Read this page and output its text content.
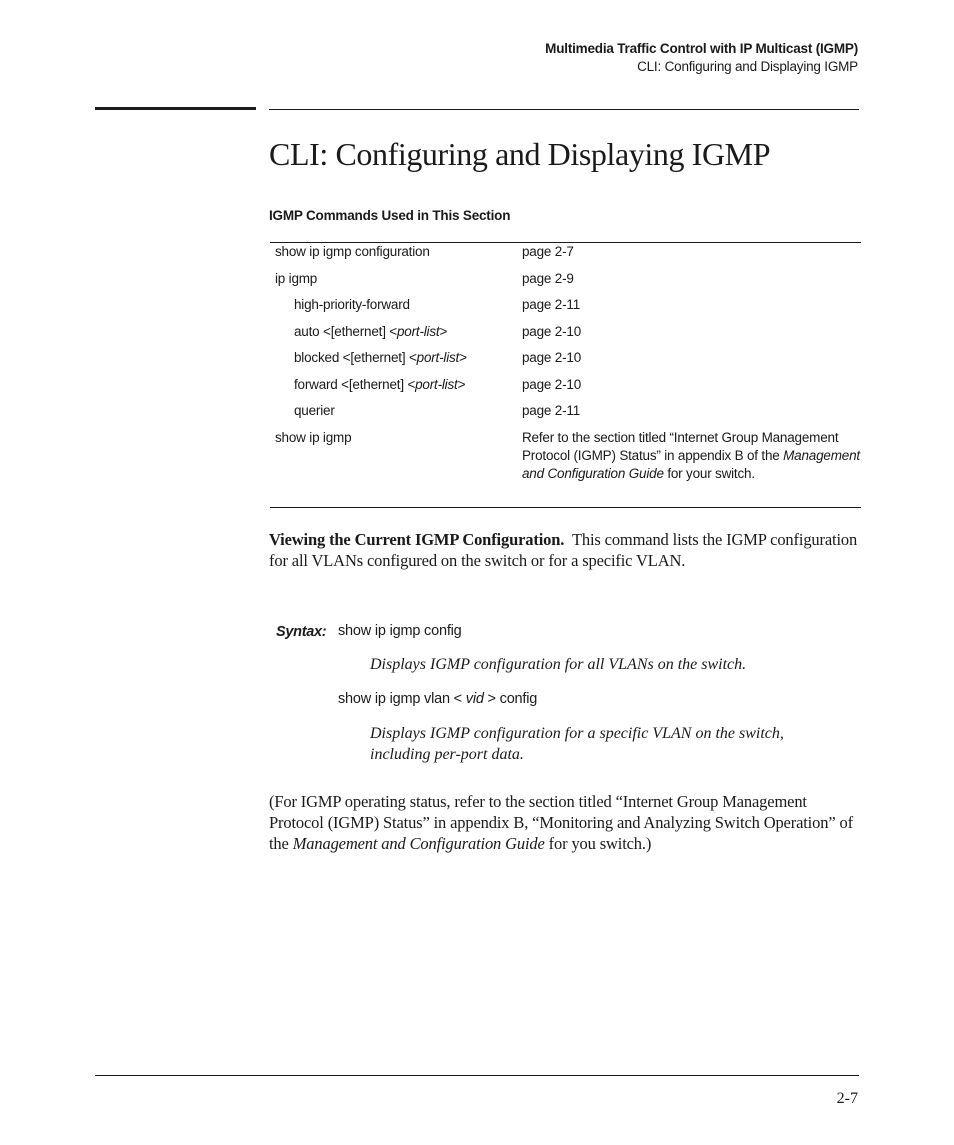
Multimedia Traffic Control with IP Multicast (IGMP)
CLI: Configuring and Displaying IGMP
CLI: Configuring and Displaying IGMP
IGMP Commands Used in This Section
show ip igmp configuration	page 2-7
ip igmp	page 2-9
high-priority-forward	page 2-11
auto <[ethernet] <port-list>	page 2-10
blocked <[ethernet] <port-list>	page 2-10
forward <[ethernet] <port-list>	page 2-10
querier	page 2-11
show ip igmp	Refer to the section titled “Internet Group Management Protocol (IGMP) Status” in appendix B of the Management and Configuration Guide for your switch.

Viewing the Current IGMP Configuration. This command lists the IGMP configuration for all VLANs configured on the switch or for a specific VLAN.

Syntax: show ip igmp config
Displays IGMP configuration for all VLANs on the switch.
show ip igmp vlan < vid > config
Displays IGMP configuration for a specific VLAN on the switch, including per-port data.

(For IGMP operating status, refer to the section titled “Internet Group Management Protocol (IGMP) Status” in appendix B, “Monitoring and Analyzing Switch Operation” of the Management and Configuration Guide for you switch.)

2-7
